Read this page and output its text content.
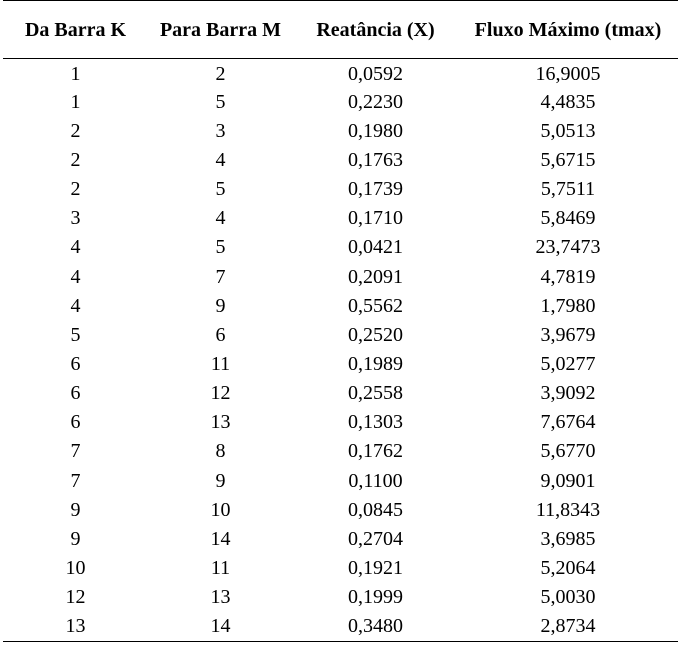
Da Barra K	Para Barra M	Reatância (X)	Fluxo Máximo (tmax)
1	2	0,0592	16,9005
1	5	0,2230	4,4835
2	3	0,1980	5,0513
2	4	0,1763	5,6715
2	5	0,1739	5,7511
3	4	0,1710	5,8469
4	5	0,0421	23,7473
4	7	0,2091	4,7819
4	9	0,5562	1,7980
5	6	0,2520	3,9679
6	11	0,1989	5,0277
6	12	0,2558	3,9092
6	13	0,1303	7,6764
7	8	0,1762	5,6770
7	9	0,1100	9,0901
9	10	0,0845	11,8343
9	14	0,2704	3,6985
10	11	0,1921	5,2064
12	13	0,1999	5,0030
13	14	0,3480	2,8734
